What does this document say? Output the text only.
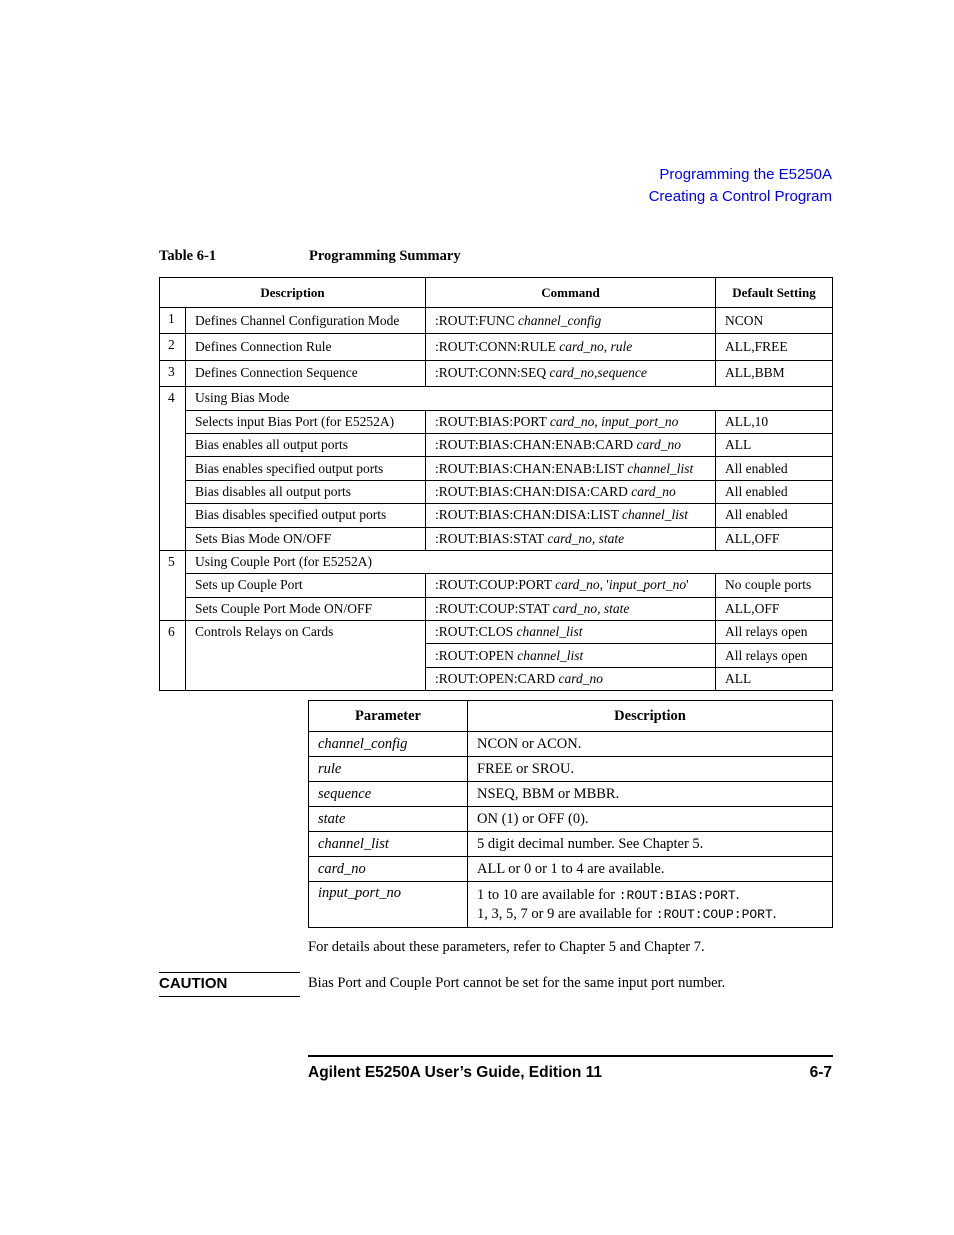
Programming the E5250A
Creating a Control Program
Table 6-1	Programming Summary
Description		Command	Default Setting
1	Defines Channel Configuration Mode	:ROUT:FUNC channel_config	NCON
2	Defines Connection Rule	:ROUT:CONN:RULE card_no, rule	ALL,FREE
3	Defines Connection Sequence	:ROUT:CONN:SEQ card_no,sequence	ALL,BBM
4	Using Bias Mode		
	Selects input Bias Port (for E5252A)	:ROUT:BIAS:PORT card_no, input_port_no	ALL,10
	Bias enables all output ports	:ROUT:BIAS:CHAN:ENAB:CARD card_no	ALL
	Bias enables specified output ports	:ROUT:BIAS:CHAN:ENAB:LIST channel_list	All enabled
	Bias disables all output ports	:ROUT:BIAS:CHAN:DISA:CARD card_no	All enabled
	Bias disables specified output ports	:ROUT:BIAS:CHAN:DISA:LIST channel_list	All enabled
	Sets Bias Mode ON/OFF	:ROUT:BIAS:STAT card_no, state	ALL,OFF
5	Using Couple Port (for E5252A)		
	Sets up Couple Port	:ROUT:COUP:PORT card_no, 'input_port_no'	No couple ports
	Sets Couple Port Mode ON/OFF	:ROUT:COUP:STAT card_no, state	ALL,OFF
6	Controls Relays on Cards	:ROUT:CLOS channel_list	All relays open
		:ROUT:OPEN channel_list	All relays open
		:ROUT:OPEN:CARD card_no	ALL
Parameter	Description
channel_config	NCON or ACON.
rule	FREE or SROU.
sequence	NSEQ, BBM or MBBR.
state	ON (1) or OFF (0).
channel_list	5 digit decimal number. See Chapter 5.
card_no	ALL or 0 or 1 to 4 are available.
input_port_no	1 to 10 are available for :ROUT:BIAS:PORT.
1, 3, 5, 7 or 9 are available for :ROUT:COUP:PORT.
For details about these parameters, refer to Chapter 5 and Chapter 7.
CAUTION	Bias Port and Couple Port cannot be set for the same input port number.
Agilent E5250A User’s Guide, Edition 11	6-7
